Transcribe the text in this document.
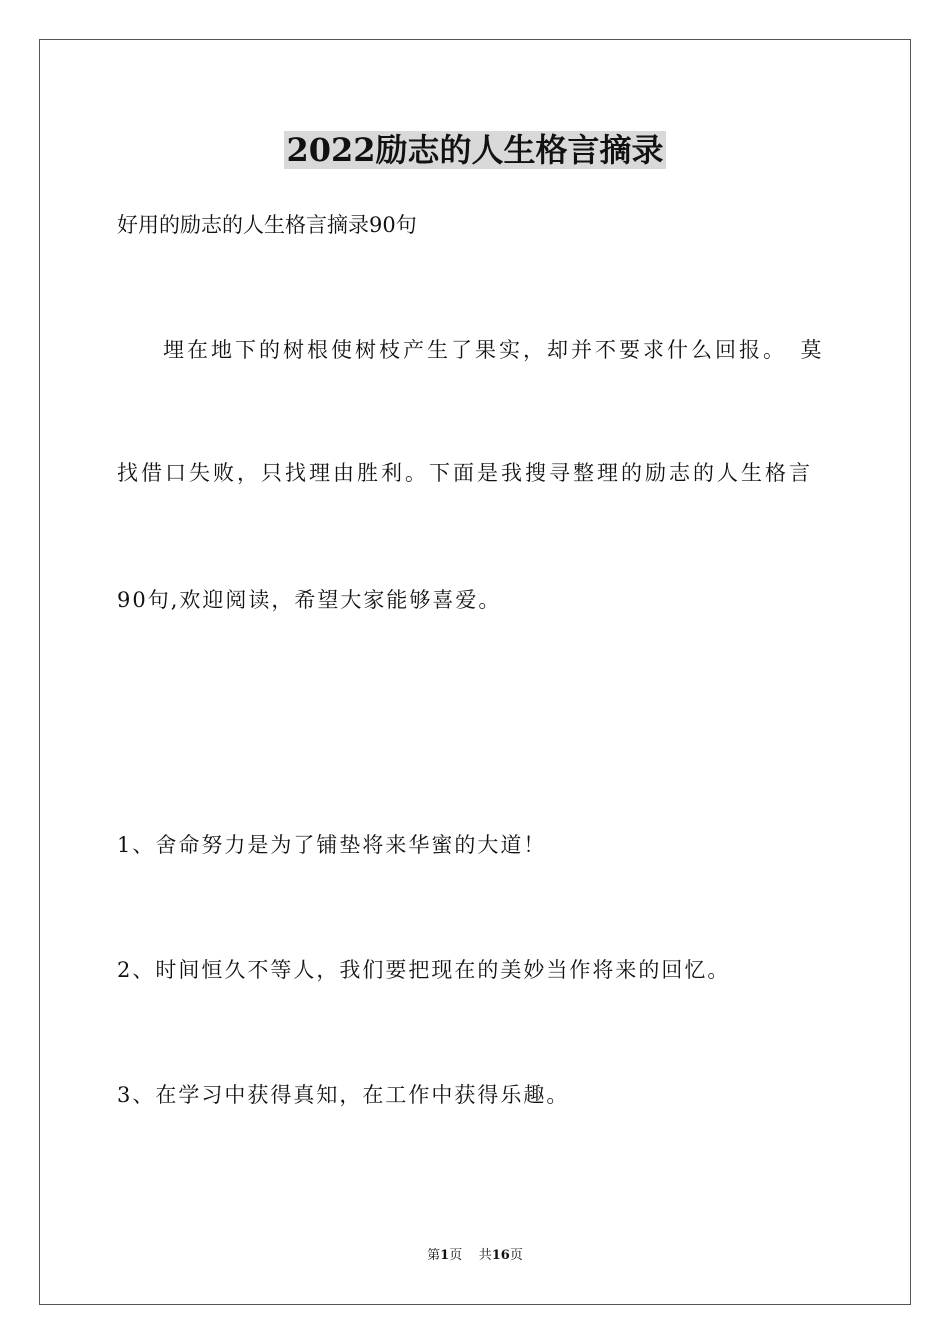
2022励志的人生格言摘录
好用的励志的人生格言摘录90句
埋在地下的树根使树枝产生了果实，却并不要求什么回报。　莫
找借口失败，只找理由胜利。下面是我搜寻整理的励志的人生格言
90句,欢迎阅读，希望大家能够喜爱。
1、舍命努力是为了铺垫将来华蜜的大道！
2、时间恒久不等人，我们要把现在的美妙当作将来的回忆。
3、在学习中获得真知，在工作中获得乐趣。
第1页 共16页
